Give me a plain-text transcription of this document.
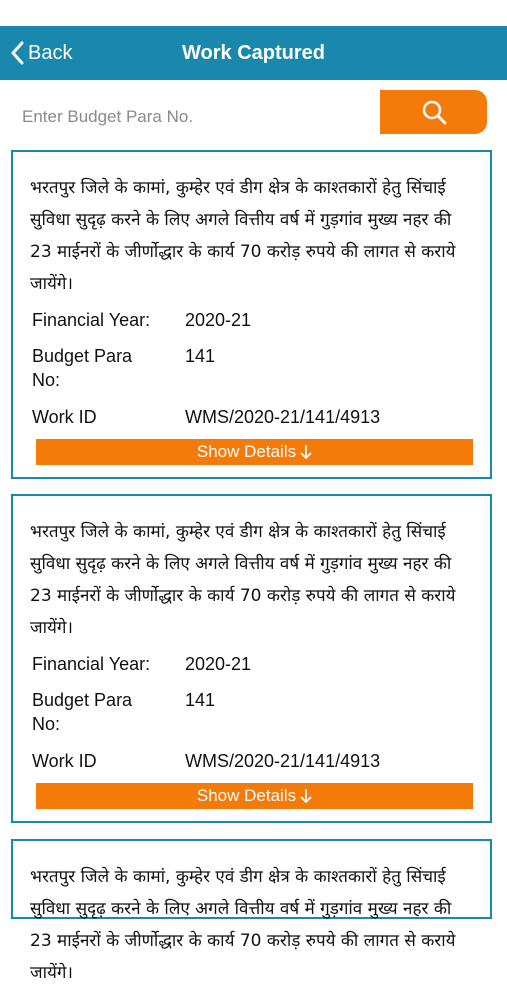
Back	Work Captured
Enter Budget Para No.
भरतपुर जिले के कामां, कुम्हेर एवं डीग क्षेत्र के काश्तकारों हेतु सिंचाई सुविधा सुदृढ़ करने के लिए अगले वित्तीय वर्ष में गुड़गांव मुख्य नहर की 23 माईनरों के जीर्णोद्धार के कार्य 70 करोड़ रुपये की लागत से कराये जायेंगे।
Financial Year: 2020-21
Budget Para No:
141
Work ID	WMS/2020-21/141/4913
Show Details
भरतपुर जिले के कामां, कुम्हेर एवं डीग क्षेत्र के काश्तकारों हेतु सिंचाई सुविधा सुदृढ़ करने के लिए अगले वित्तीय वर्ष में गुड़गांव मुख्य नहर की 23 माईनरों के जीर्णोद्धार के कार्य 70 करोड़ रुपये की लागत से कराये जायेंगे।
Financial Year: 2020-21
Budget Para No:
141
Work ID	WMS/2020-21/141/4913
Show Details
भरतपुर जिले के कामां, कुम्हेर एवं डीग क्षेत्र के काश्तकारों हेतु सिंचाई सुविधा सुदृढ़ करने के लिए अगले वित्तीय वर्ष में गुड़गांव मुख्य नहर की 23 माईनरों के जीर्णोद्धार के कार्य 70 करोड़ रुपये की लागत से कराये जायेंगे।
